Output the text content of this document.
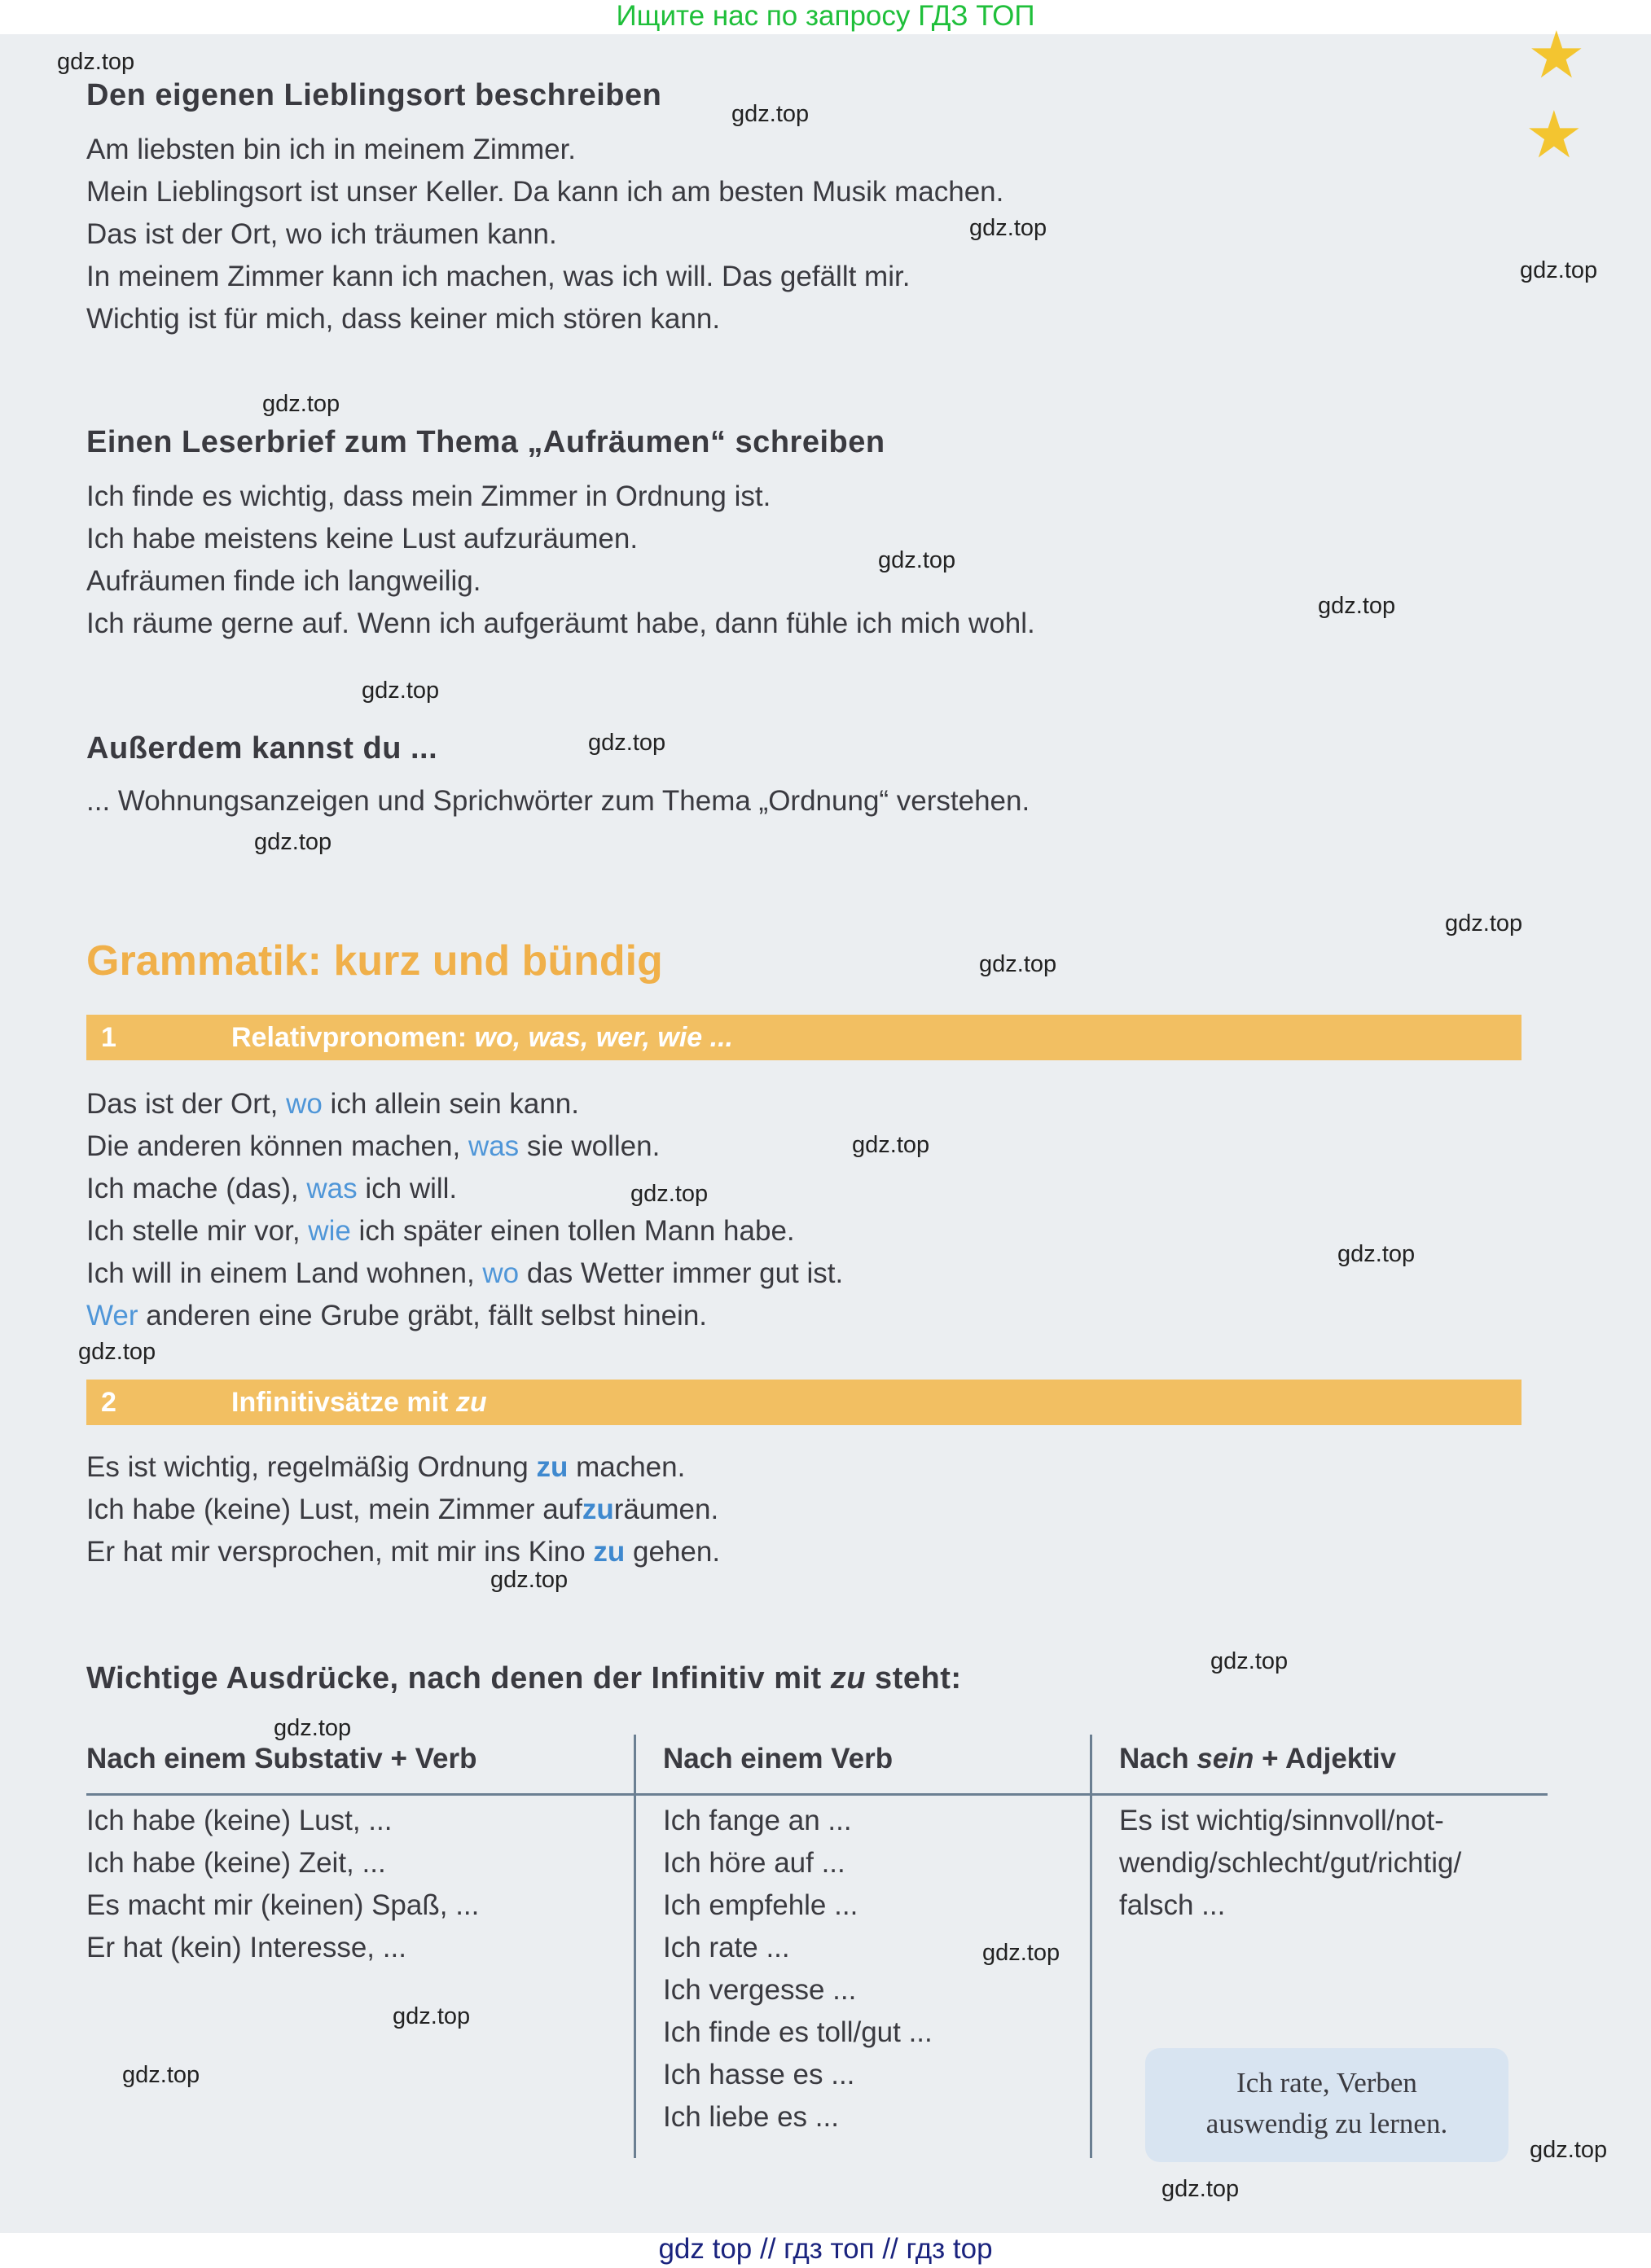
Ищите нас по запросу ГДЗ ТОП
★
★
Den eigenen Lieblingsort beschreiben
Am liebsten bin ich in meinem Zimmer.
Mein Lieblingsort ist unser Keller. Da kann ich am besten Musik machen.
Das ist der Ort, wo ich träumen kann.
In meinem Zimmer kann ich machen, was ich will. Das gefällt mir.
Wichtig ist für mich, dass keiner mich stören kann.
Einen Leserbrief zum Thema „Aufräumen“ schreiben
Ich finde es wichtig, dass mein Zimmer in Ordnung ist.
Ich habe meistens keine Lust aufzuräumen.
Aufräumen finde ich langweilig.
Ich räume gerne auf. Wenn ich aufgeräumt habe, dann fühle ich mich wohl.
Außerdem kannst du ...
... Wohnungsanzeigen und Sprichwörter zum Thema „Ordnung“ verstehen.
Grammatik: kurz und bündig
1	Relativpronomen: wo, was, wer, wie ...
Das ist der Ort, wo ich allein sein kann.
Die anderen können machen, was sie wollen.
Ich mache (das), was ich will.
Ich stelle mir vor, wie ich später einen tollen Mann habe.
Ich will in einem Land wohnen, wo das Wetter immer gut ist.
Wer anderen eine Grube gräbt, fällt selbst hinein.
2	Infinitivsätze mit zu
Es ist wichtig, regelmäßig Ordnung zu machen.
Ich habe (keine) Lust, mein Zimmer aufzuräumen.
Er hat mir versprochen, mit mir ins Kino zu gehen.
Wichtige Ausdrücke, nach denen der Infinitiv mit zu steht:
Nach einem Substativ + Verb
Ich habe (keine) Lust, ...
Ich habe (keine) Zeit, ...
Es macht mir (keinen) Spaß, ...
Er hat (kein) Interesse, ...
Nach einem Verb
Ich fange an ...
Ich höre auf ...
Ich empfehle ...
Ich rate ...
Ich vergesse ...
Ich finde es toll/gut ...
Ich hasse es ...
Ich liebe es ...
Nach sein + Adjektiv
Es ist wichtig/sinnvoll/not-
wendig/schlecht/gut/richtig/
falsch ...
Ich rate, Verben
auswendig zu lernen.
gdz.top
gdz.top
gdz.top
gdz.top
gdz.top
gdz.top
gdz.top
gdz.top
gdz.top
gdz.top
gdz.top
gdz.top
gdz.top
gdz.top
gdz.top
gdz.top
gdz.top
gdz.top
gdz.top
gdz.top
gdz.top
gdz.top
gdz.top
gdz.top
gdz top // гдз топ // гдз top
